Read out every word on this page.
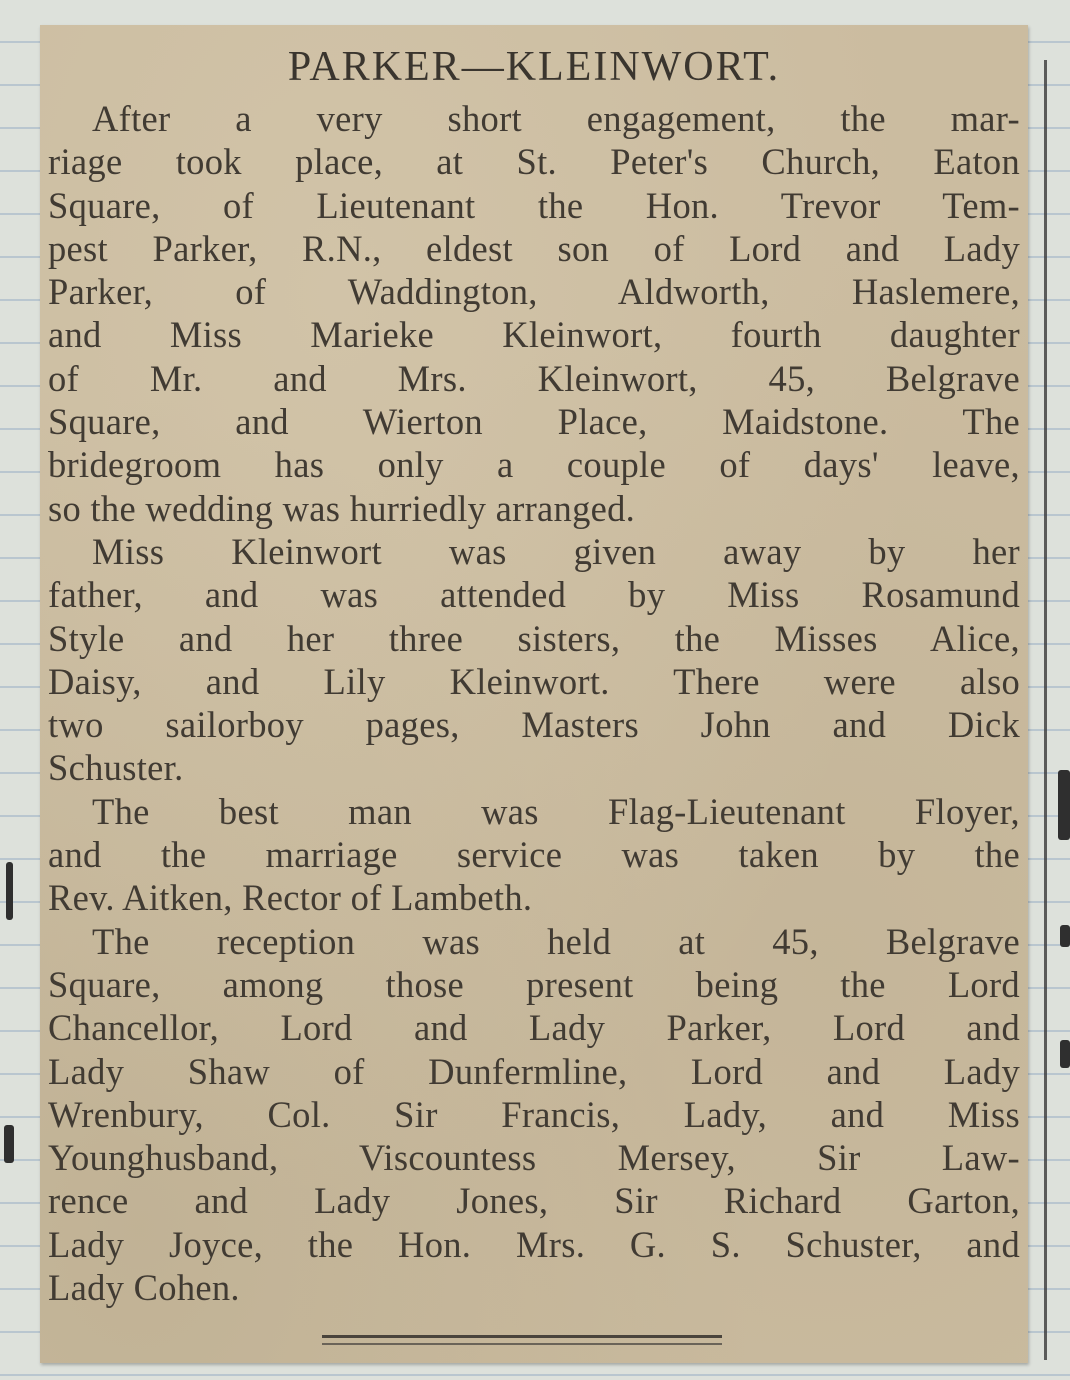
PARKER—KLEINWORT.

After a very short engagement, the mar-
riage took place, at St. Peter's Church, Eaton
Square, of Lieutenant the Hon. Trevor Tem-
pest Parker, R.N., eldest son of Lord and Lady
Parker, of Waddington, Aldworth, Haslemere,
and Miss Marieke Kleinwort, fourth daughter
of Mr. and Mrs. Kleinwort, 45, Belgrave
Square, and Wierton Place, Maidstone. The
bridegroom has only a couple of days' leave,
so the wedding was hurriedly arranged.

Miss Kleinwort was given away by her
father, and was attended by Miss Rosamund
Style and her three sisters, the Misses Alice,
Daisy, and Lily Kleinwort. There were also
two sailorboy pages, Masters John and Dick
Schuster.

The best man was Flag-Lieutenant Floyer,
and the marriage service was taken by the
Rev. Aitken, Rector of Lambeth.

The reception was held at 45, Belgrave
Square, among those present being the Lord
Chancellor, Lord and Lady Parker, Lord and
Lady Shaw of Dunfermline, Lord and Lady
Wrenbury, Col. Sir Francis, Lady, and Miss
Younghusband, Viscountess Mersey, Sir Law-
rence and Lady Jones, Sir Richard Garton,
Lady Joyce, the Hon. Mrs. G. S. Schuster, and
Lady Cohen.
